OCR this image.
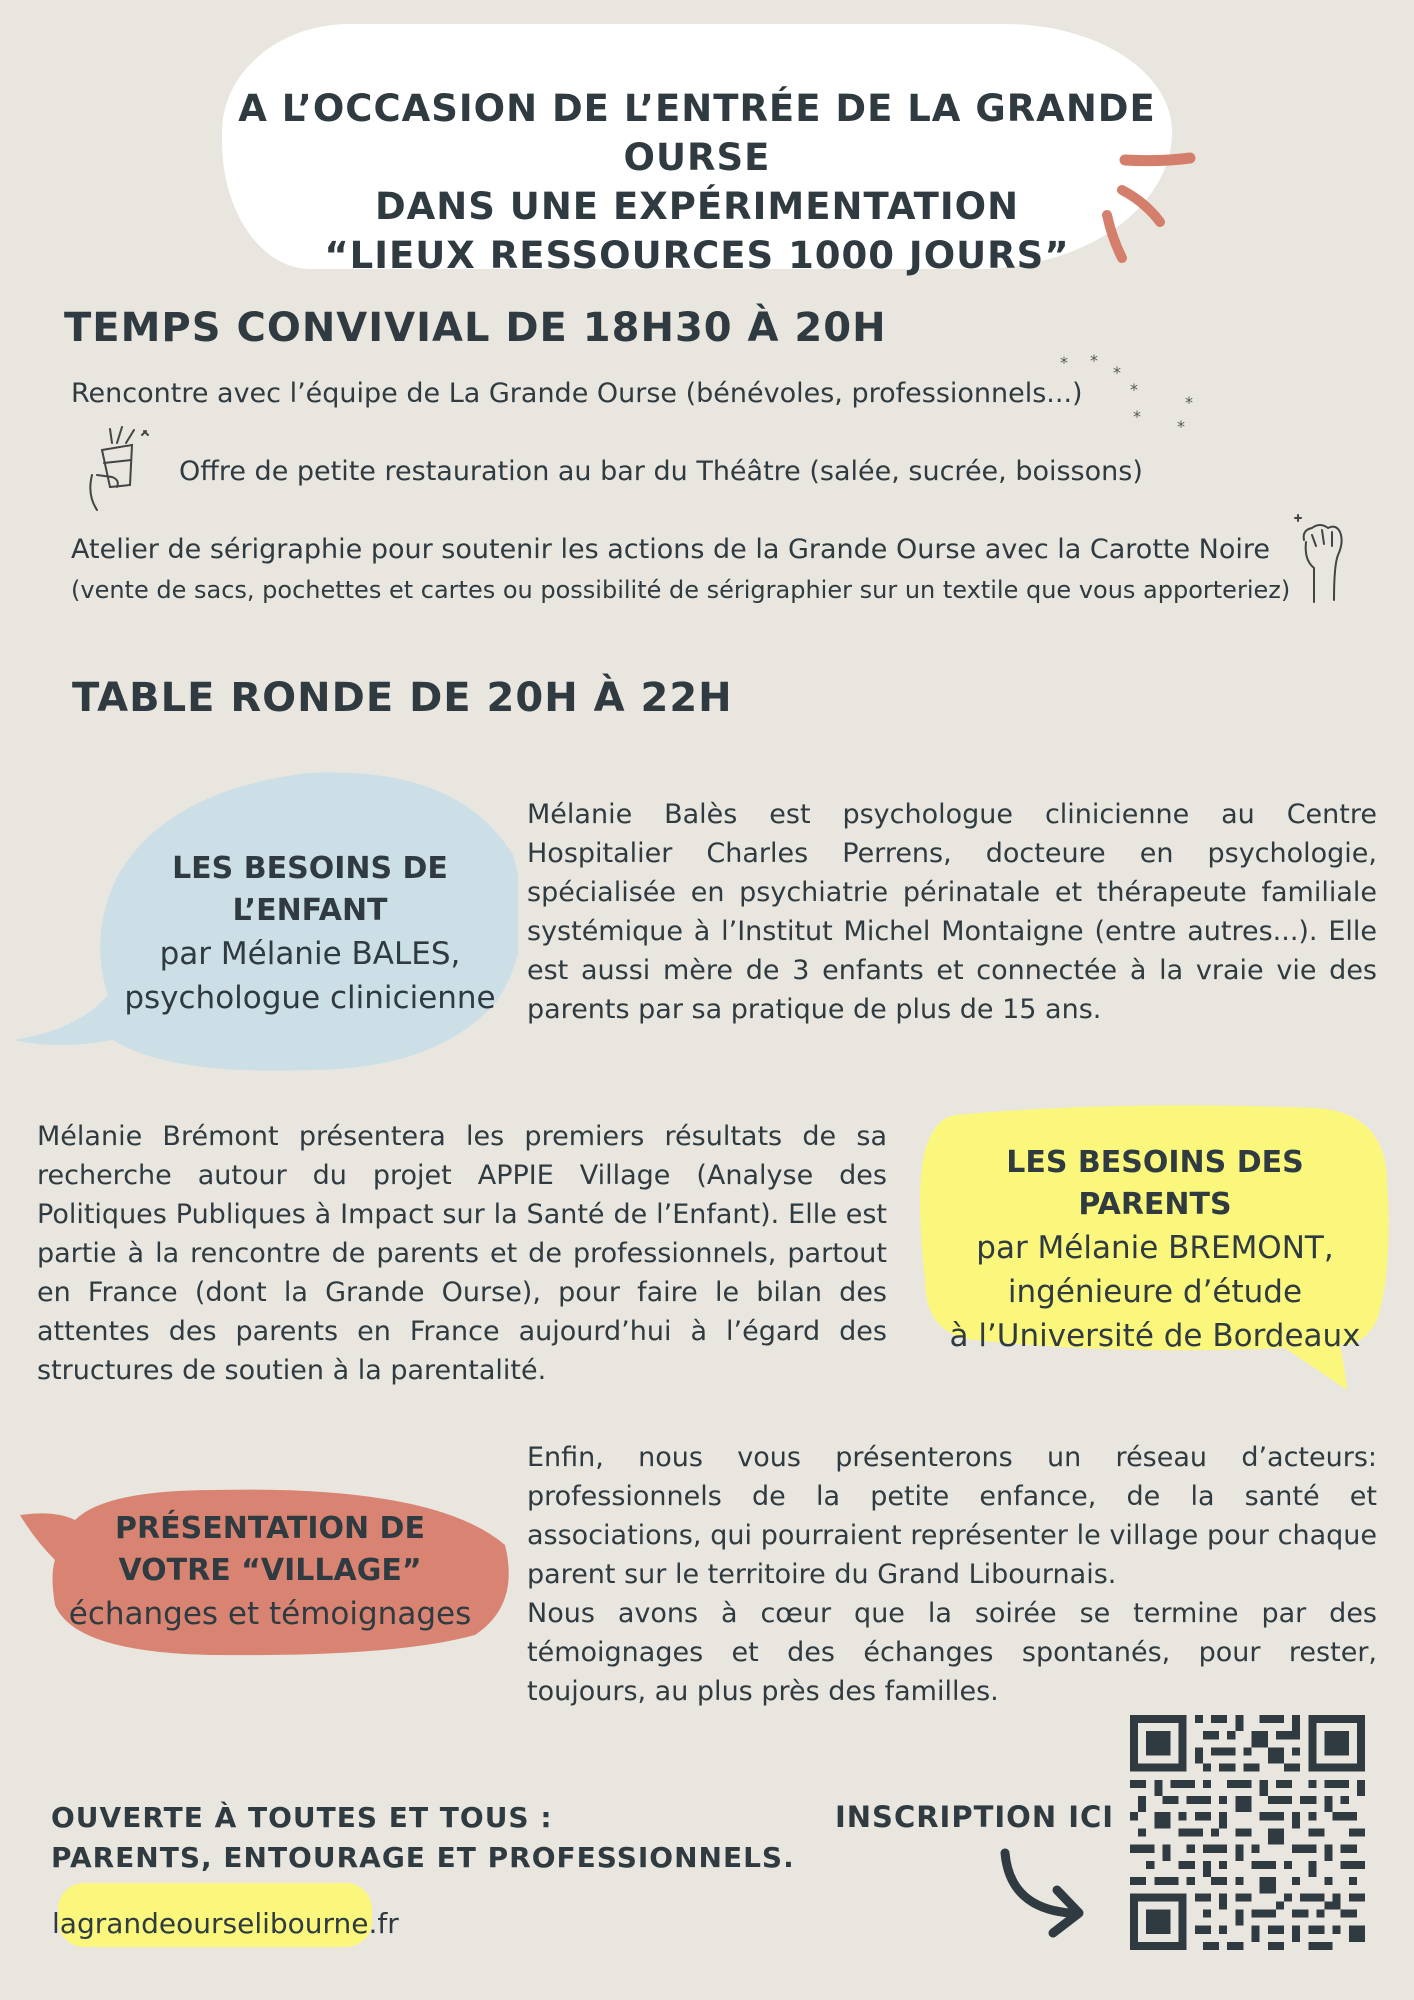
A L’OCCASION DE L’ENTRÉE DE LA GRANDE OURSE
DANS UNE EXPÉRIMENTATION
“LIEUX RESSOURCES 1000 JOURS”
TEMPS CONVIVIAL DE 18H30 À 20H
* *
*
*
*
*
*
Rencontre avec l’équipe de La Grande Ourse (bénévoles, professionnels...)
Offre de petite restauration au bar du Théâtre (salée, sucrée, boissons)
Atelier de sérigraphie pour soutenir les actions de la Grande Ourse avec la Carotte Noire
(vente de sacs, pochettes et cartes ou possibilité de sérigraphier sur un textile que vous apporteriez)
TABLE RONDE DE 20H À 22H
LES BESOINS DE L’ENFANT
par Mélanie BALES,
psychologue clinicienne
Mélanie Balès est psychologue clinicienne au Centre Hospitalier Charles Perrens, docteure en psychologie, spécialisée en psychiatrie périnatale et thérapeute familiale systémique à l’Institut Michel Montaigne (entre autres...). Elle est aussi mère de 3 enfants et connectée à la vraie vie des parents par sa pratique de plus de 15 ans.
Mélanie Brémont présentera les premiers résultats de sa recherche autour du projet APPIE Village (Analyse des Politiques Publiques à Impact sur la Santé de l’Enfant). Elle est partie à la rencontre de parents et de professionnels, partout en France (dont la Grande Ourse), pour faire le bilan des attentes des parents en France aujourd’hui à l’égard des structures de soutien à la parentalité.
LES BESOINS DES PARENTS
par Mélanie BREMONT,
ingénieure d’étude
à l’Université de Bordeaux
PRÉSENTATION DE
VOTRE “VILLAGE”
échanges et témoignages
Enfin, nous vous présenterons un réseau d’acteurs: professionnels de la petite enfance, de la santé et associations, qui pourraient représenter le village pour chaque parent sur le territoire du Grand Libournais.
Nous avons à cœur que la soirée se termine par des témoignages et des échanges spontanés, pour rester, toujours, au plus près des familles.
OUVERTE À TOUTES ET TOUS :
PARENTS, ENTOURAGE ET PROFESSIONNELS.
INSCRIPTION ICI
lagrandeourselibourne.fr
